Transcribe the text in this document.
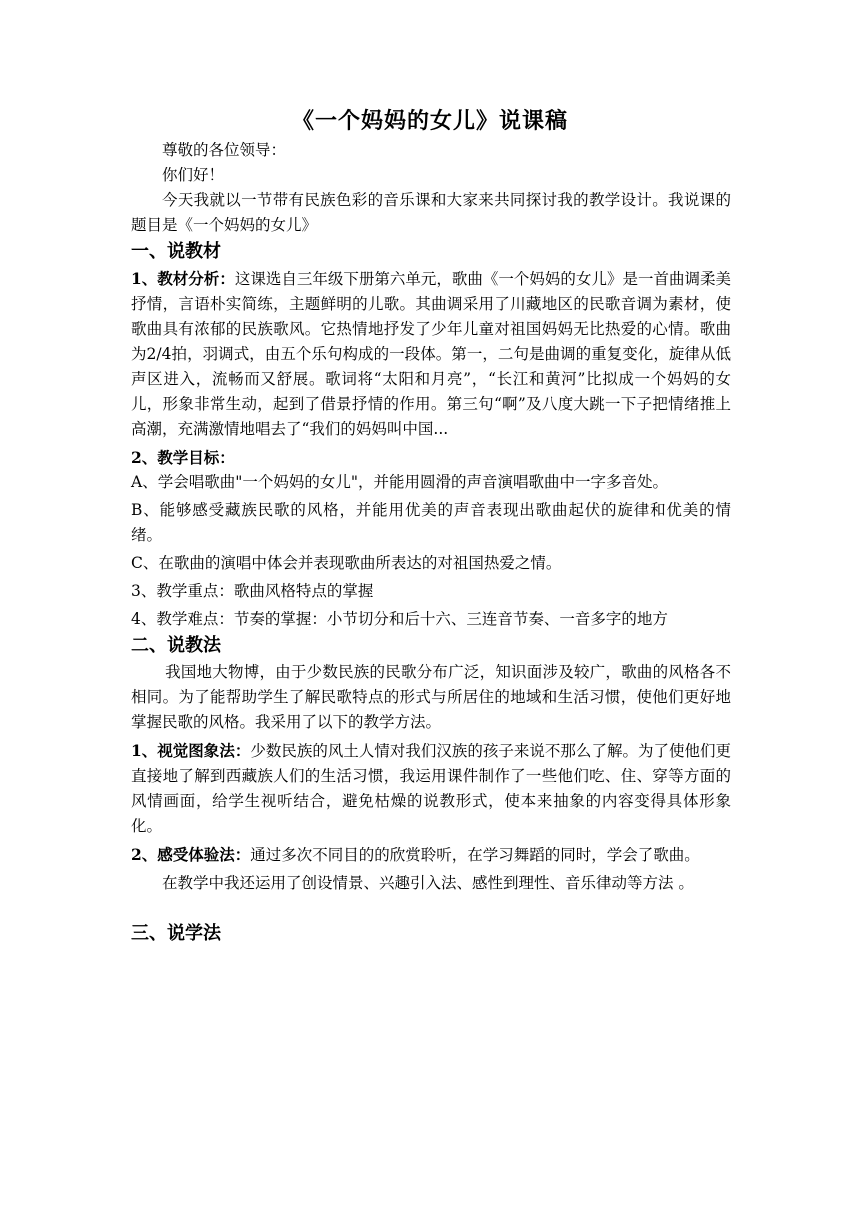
《一个妈妈的女儿》说课稿

尊敬的各位领导：

你们好！

今天我就以一节带有民族色彩的音乐课和大家来共同探讨我的教学设计。我说课的题目是《一个妈妈的女儿》

一、说教材

1、教材分析：这课选自三年级下册第六单元，歌曲《一个妈妈的女儿》是一首曲调柔美抒情，言语朴实简练，主题鲜明的儿歌。其曲调采用了川藏地区的民歌音调为素材，使歌曲具有浓郁的民族歌风。它热情地抒发了少年儿童对祖国妈妈无比热爱的心情。歌曲为2/4拍，羽调式，由五个乐句构成的一段体。第一，二句是曲调的重复变化，旋律从低声区进入，流畅而又舒展。歌词将“太阳和月亮”，“长江和黄河”比拟成一个妈妈的女儿，形象非常生动，起到了借景抒情的作用。第三句“啊”及八度大跳一下子把情绪推上高潮，充满激情地唱去了“我们的妈妈叫中国...

2、教学目标：

A、学会唱歌曲"一个妈妈的女儿"，并能用圆滑的声音演唱歌曲中一字多音处。

B、能够感受藏族民歌的风格，并能用优美的声音表现出歌曲起伏的旋律和优美的情绪。

C、在歌曲的演唱中体会并表现歌曲所表达的对祖国热爱之情。

3、教学重点：歌曲风格特点的掌握

4、教学难点：节奏的掌握：小节切分和后十六、三连音节奏、一音多字的地方

二、说教法

我国地大物博，由于少数民族的民歌分布广泛，知识面涉及较广，歌曲的风格各不相同。为了能帮助学生了解民歌特点的形式与所居住的地域和生活习惯，使他们更好地掌握民歌的风格。我采用了以下的教学方法。

1、视觉图象法：少数民族的风土人情对我们汉族的孩子来说不那么了解。为了使他们更直接地了解到西藏族人们的生活习惯，我运用课件制作了一些他们吃、住、穿等方面的风情画面，给学生视听结合，避免枯燥的说教形式，使本来抽象的内容变得具体形象化。

2、感受体验法：通过多次不同目的的欣赏聆听，在学习舞蹈的同时，学会了歌曲。

在教学中我还运用了创设情景、兴趣引入法、感性到理性、音乐律动等方法 。

三、说学法
